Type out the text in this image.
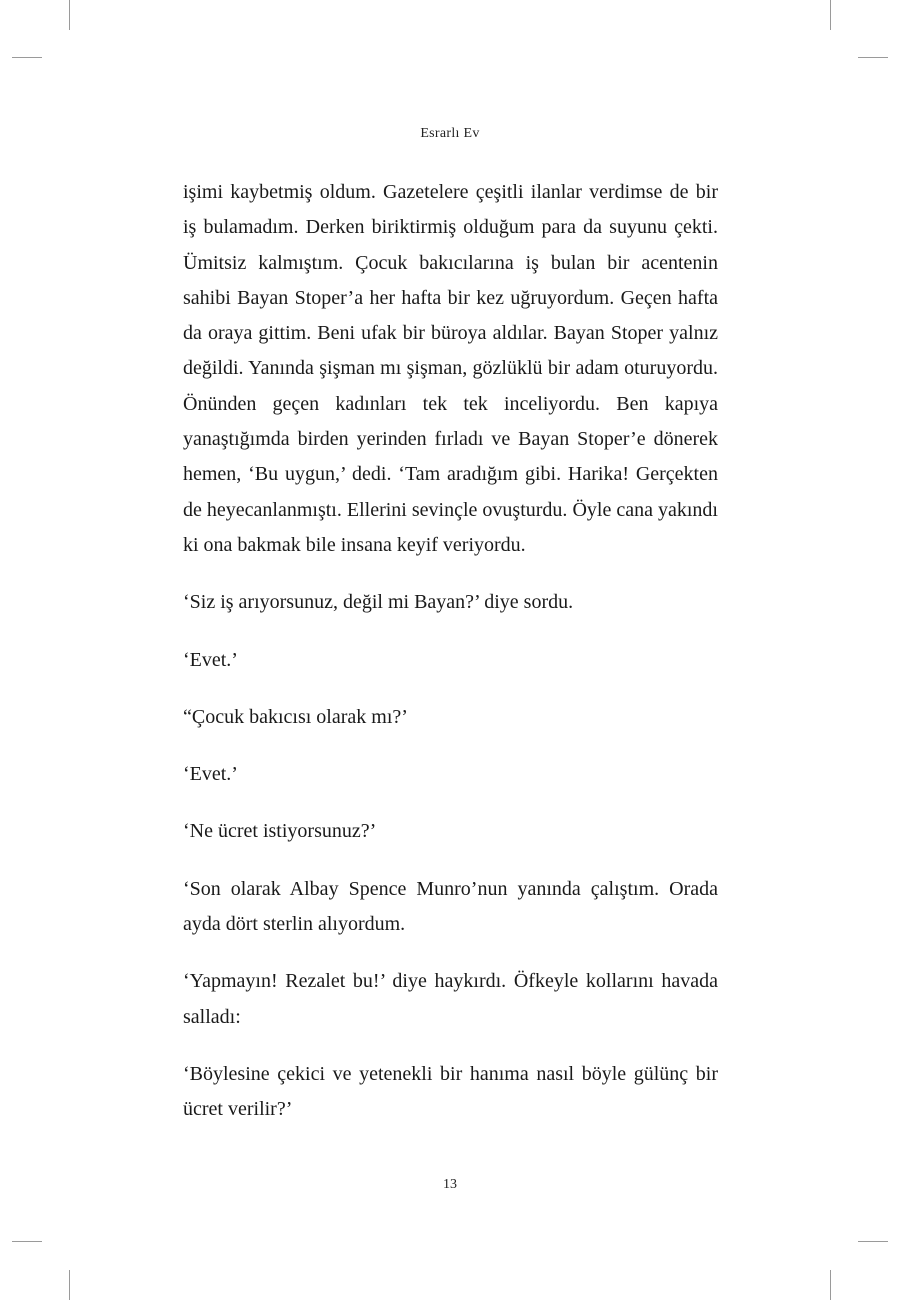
Esrarlı Ev

işimi kaybetmiş oldum. Gazetelere çeşitli ilanlar verdimse de bir iş bulamadım. Derken biriktirmiş olduğum para da suyunu çekti. Ümitsiz kalmıştım. Çocuk bakıcılarına iş bulan bir acentenin sahibi Bayan Stoper’a her hafta bir kez uğruyordum. Geçen hafta da oraya gittim. Beni ufak bir büroya aldılar. Bayan Stoper yalnız değildi. Yanında şişman mı şişman, gözlüklü bir adam oturuyordu. Önünden geçen kadınları tek tek inceliyordu. Ben kapıya yanaştığımda birden yerinden fırladı ve Bayan Stoper’e dönerek hemen, ‘Bu uygun,’ dedi. ‘Tam aradığım gibi. Harika! Gerçekten de heyecanlanmıştı. Ellerini sevinçle ovuşturdu. Öyle cana yakındı ki ona bakmak bile insana keyif veriyordu.

‘Siz iş arıyorsunuz, değil mi Bayan?’ diye sordu.

‘Evet.’

“Çocuk bakıcısı olarak mı?’

‘Evet.’

‘Ne ücret istiyorsunuz?’

‘Son olarak Albay Spence Munro’nun yanında çalıştım. Orada ayda dört sterlin alıyordum.

‘Yapmayın! Rezalet bu!’ diye haykırdı. Öfkeyle kollarını havada salladı:

‘Böylesine çekici ve yetenekli bir hanıma nasıl böyle gülünç bir ücret verilir?’

13
